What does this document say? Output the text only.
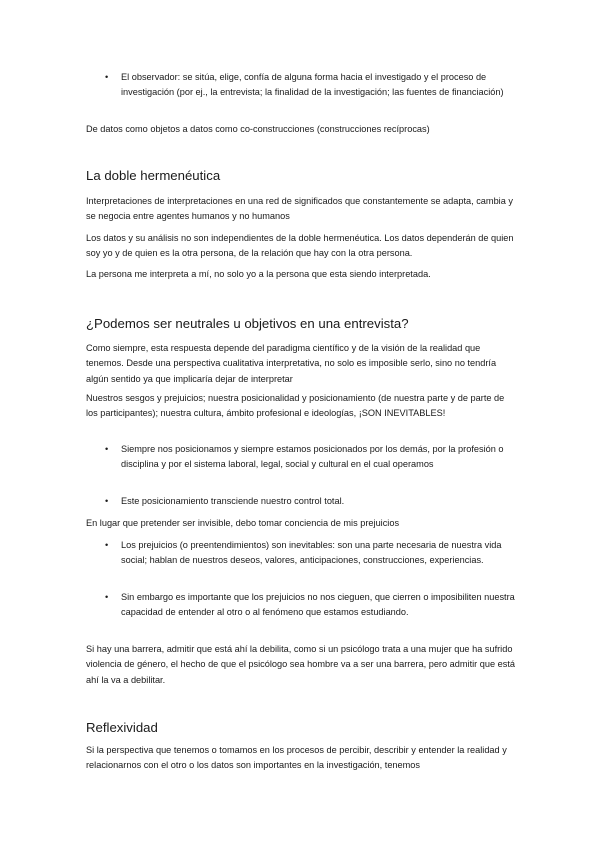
• El observador: se sitúa, elige, confía de alguna forma hacia el investigado y el proceso de investigación (por ej., la entrevista; la finalidad de la investigación; las fuentes de financiación)

De datos como objetos a datos como co-construcciones (construcciones recíprocas)

La doble hermenéutica

Interpretaciones de interpretaciones en una red de significados que constantemente se adapta, cambia y se negocia entre agentes humanos y no humanos

Los datos y su análisis no son independientes de la doble hermenéutica. Los datos dependerán de quien soy yo y de quien es la otra persona, de la relación que hay con la otra persona.

La persona me interpreta a mí, no solo yo a la persona que esta siendo interpretada.

¿Podemos ser neutrales u objetivos en una entrevista?

Como siempre, esta respuesta depende del paradigma científico y de la visión de la realidad que tenemos. Desde una perspectiva cualitativa interpretativa, no solo es imposible serlo, sino no tendría algún sentido ya que implicaría dejar de interpretar

Nuestros sesgos y prejuicios; nuestra posicionalidad y posicionamiento (de nuestra parte y de parte de los participantes); nuestra cultura, ámbito profesional e ideologías, ¡SON INEVITABLES!

• Siempre nos posicionamos y siempre estamos posicionados por los demás, por la profesión o disciplina y por el sistema laboral, legal, social y cultural en el cual operamos

• Este posicionamiento transciende nuestro control total.

En lugar que pretender ser invisible, debo tomar conciencia de mis prejuicios

• Los prejuicios (o preentendimientos) son inevitables: son una parte necesaria de nuestra vida social; hablan de nuestros deseos, valores, anticipaciones, construcciones, experiencias.

• Sin embargo es importante que los prejuicios no nos cieguen, que cierren o imposibiliten nuestra capacidad de entender al otro o al fenómeno que estamos estudiando.

Si hay una barrera, admitir que está ahí la debilita, como si un psicólogo trata a una mujer que ha sufrido violencia de género, el hecho de que el psicólogo sea hombre va a ser una barrera, pero admitir que está ahí la va a debilitar.

Reflexividad

Si la perspectiva que tenemos o tomamos en los procesos de percibir, describir y entender la realidad y relacionarnos con el otro o los datos son importantes en la investigación, tenemos
